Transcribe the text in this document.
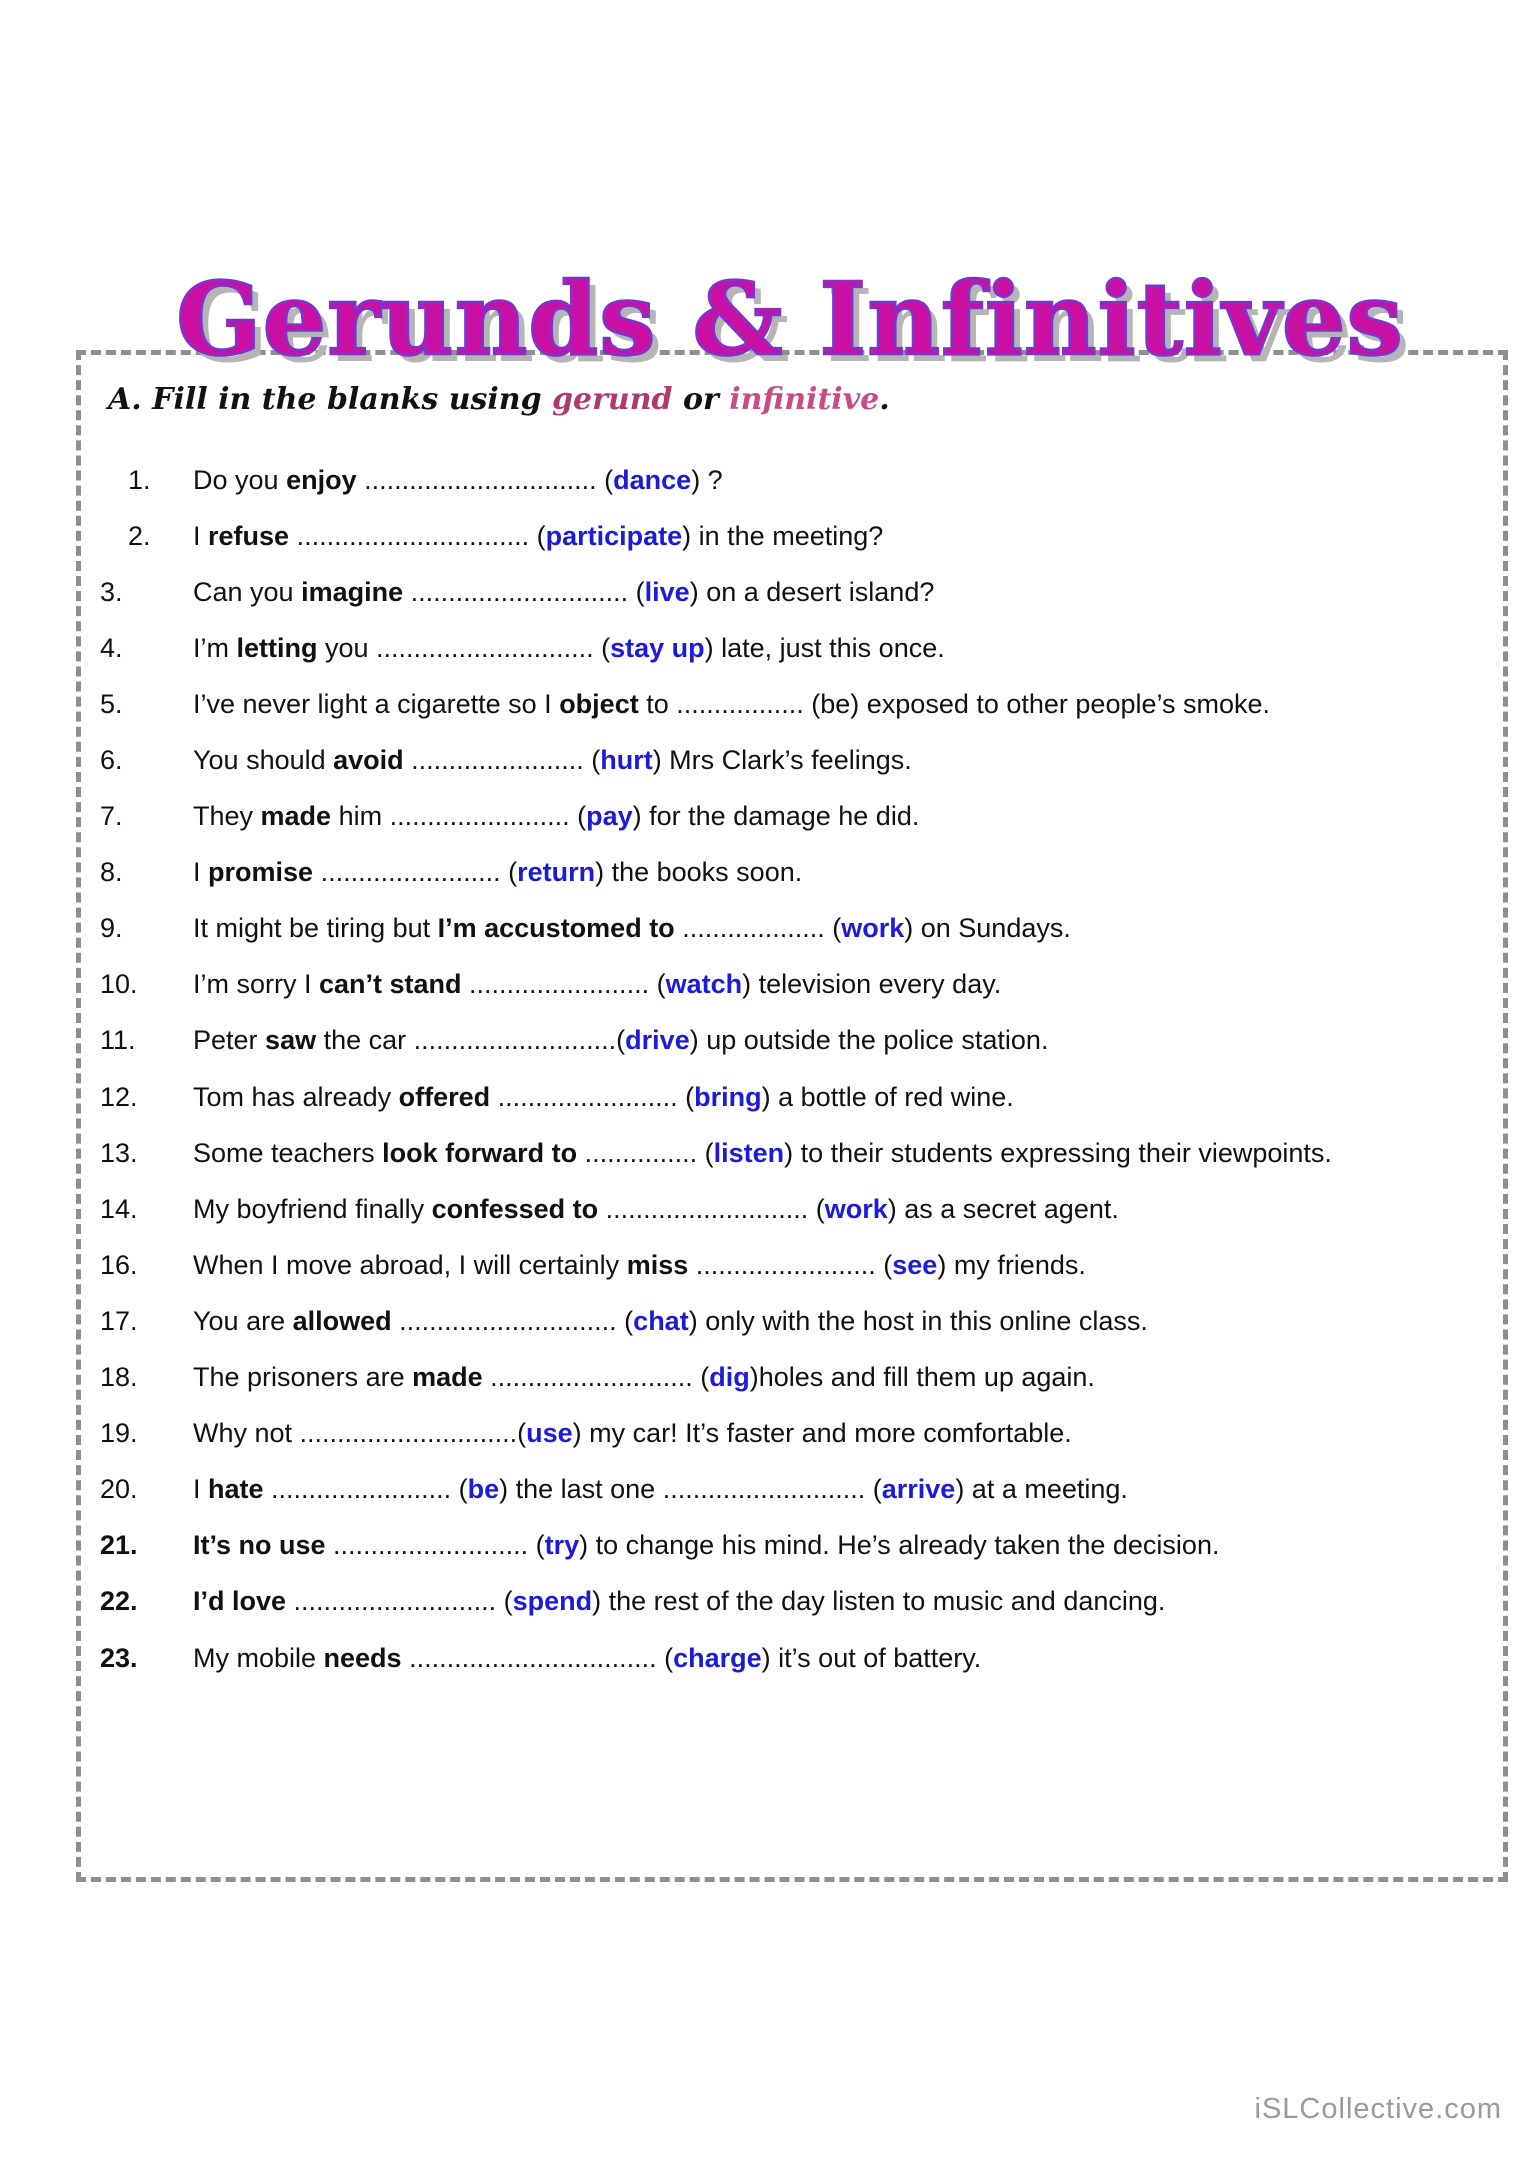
Gerunds & Infinitives
A. Fill in the blanks using gerund or infinitive.
1.	Do you enjoy ............................... (dance) ?
2.	I refuse ............................... (participate) in the meeting?
3.	Can you imagine ............................. (live) on a desert island?
4.	I’m letting you ............................. (stay up) late, just this once.
5.	I’ve never light a cigarette so I object to ................. (be) exposed to other people’s smoke.
6.	You should avoid ....................... (hurt) Mrs Clark’s feelings.
7.	They made him ........................ (pay) for the damage he did.
8.	I promise ........................ (return) the books soon.
9.	It might be tiring but I’m accustomed to ................... (work) on Sundays.
10.	I’m sorry I can’t stand ........................ (watch) television every day.
11.	Peter saw the car ...........................(drive) up outside the police station.
12.	Tom has already offered ........................ (bring) a bottle of red wine.
13.	Some teachers look forward to ............... (listen) to their students expressing their viewpoints.
14.	My boyfriend finally confessed to ........................... (work) as a secret agent.
16.	When I move abroad, I will certainly miss ........................ (see) my friends.
17.	You are allowed ............................. (chat) only with the host in this online class.
18.	The prisoners are made ........................... (dig)holes and fill them up again.
19.	Why not .............................(use) my car! It’s faster and more comfortable.
20.	I hate ........................ (be) the last one ........................... (arrive) at a meeting.
21.	It’s no use .......................... (try) to change his mind. He’s already taken the decision.
22.	I’d love ........................... (spend) the rest of the day listen to music and dancing.
23.	My mobile needs ................................. (charge) it’s out of battery.
iSLCollective.com
